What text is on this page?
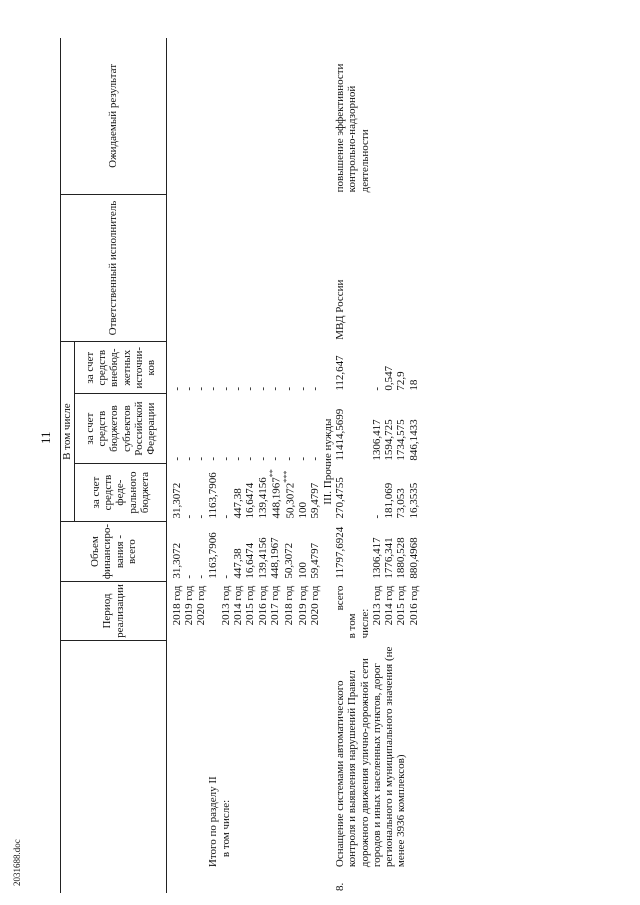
11
2031688.doc
		Период реализации	Объем финансиро-вания - всего	В том числе			Ответственный исполнитель	Ожидаемый результат
				за счет средств феде-рального бюджета	за счет средств бюджетов субъектов Российской Федерации	за счет средств внебюд-жетных источни-ков		

		2018 год	31,3072	31,3072	-	-		
		2019 год	-	-	-	-		
		2020 год	-	-	-	-		
	Итого по разделу II		1163,7906	1163,7906	-	-		
	в том числе:	2013 год	-	-	-	-		
		2014 год	447,38	447,38	-	-		
		2015 год	16,6474	16,6474	-	-		
		2016 год	139,4156	139,4156	-	-		
		2017 год	448,1967	448,1967**	-	-		
		2018 год	50,3072	50,3072***	-	-		
		2019 год	100	100	-	-		
		2020 год	59,4797	59,4797	-	-		
			III. Прочие нужды					
8.	Оснащение системами автоматического контроля и выявления нарушений Правил дорожного движения улично-дорожной сети городов и иных населенных пунктов, дорог регионального и муниципального значения (не менее 3936 комплексов)	всего	11797,6924	270,4755	11414,5699	112,647	МВД России	повышение эффективности контрольно-надзорной деятельности
		в том числе:						
		2013 год	1306,417	-	1306,417	-		
		2014 год	1776,341	181,069	1594,725	0,547		
		2015 год	1880,528	73,053	1734,575	72,9		
		2016 год	880,4968	16,3535	846,1433	18		
